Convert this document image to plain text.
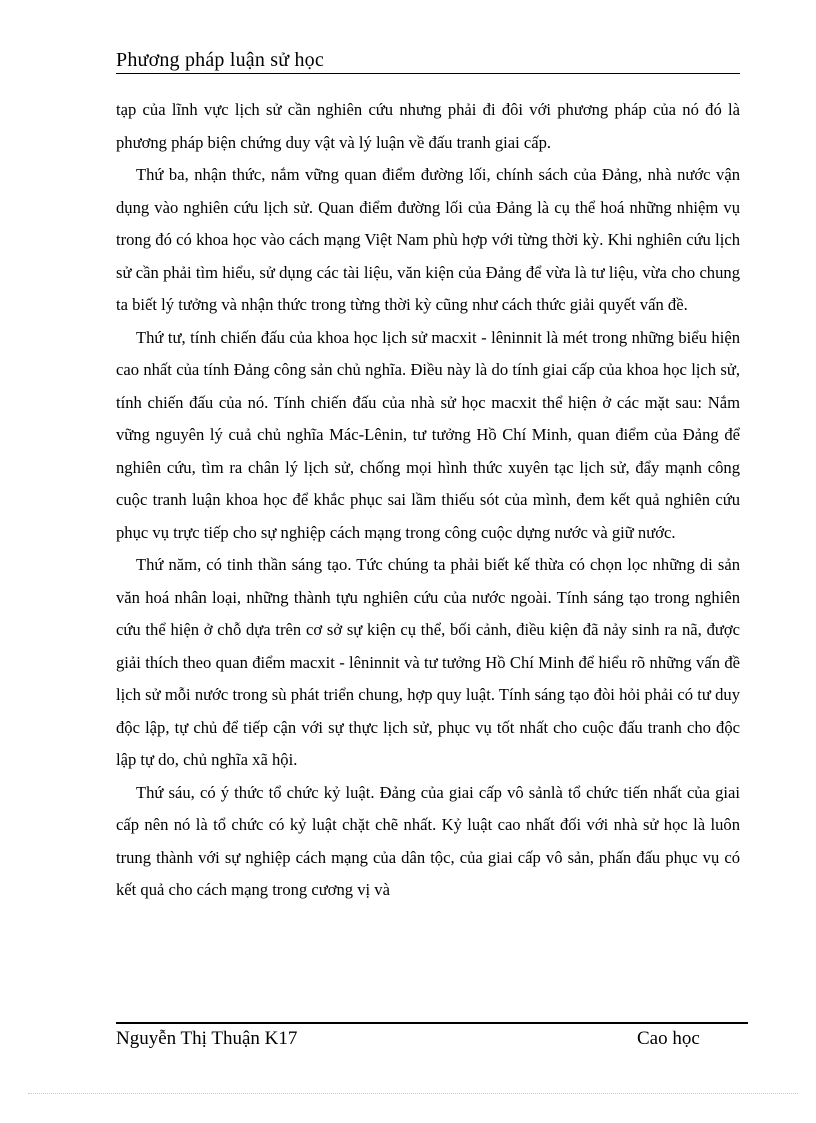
Phương pháp luận sử học

tạp của lĩnh vực lịch sử cần nghiên cứu nhưng phải đi đôi với phương pháp của nó đó là phương pháp biện chứng duy vật và lý luận về đấu tranh giai cấp.

Thứ ba, nhận thức, nắm vững quan điểm đường lối, chính sách của Đảng, nhà nước vận dụng vào nghiên cứu lịch sử. Quan điểm đường lối của Đảng là cụ thể hoá những nhiệm vụ trong đó có khoa học vào cách mạng Việt Nam phù hợp với từng thời kỳ. Khi nghiên cứu lịch sử cần phải tìm hiểu, sử dụng các tài liệu, văn kiện của Đảng để vừa là tư liệu, vừa cho chung ta biết lý tưởng và nhận thức trong từng thời kỳ cũng như cách thức giải quyết vấn đề.

Thứ tư, tính chiến đấu của khoa học lịch sử macxit - lêninnit là mét trong những biểu hiện cao nhất của tính Đảng công sản chủ nghĩa. Điều này là do tính giai cấp của khoa học lịch sử, tính chiến đấu của nó. Tính chiến đấu của nhà sử học macxit thể hiện ở các mặt sau: Nắm vững nguyên lý cuả chủ nghĩa Mác-Lênin, tư tưởng Hồ Chí Minh, quan điểm của Đảng để nghiên cứu, tìm ra chân lý lịch sử, chống mọi hình thức xuyên tạc lịch sử, đẩy mạnh công cuộc tranh luận khoa học để khắc phục sai lầm thiếu sót của mình, đem kết quả nghiên cứu phục vụ trực tiếp cho sự nghiệp cách mạng trong công cuộc dựng nước và giữ nước.

Thứ năm, có tinh thần sáng tạo. Tức chúng ta phải biết kế thừa có chọn lọc những di sản văn hoá nhân loại, những thành tựu nghiên cứu của nước ngoài. Tính sáng tạo trong nghiên cứu thể hiện ở chỗ dựa trên cơ sở sự kiện cụ thể, bối cảnh, điều kiện đã nảy sinh ra nã, được giải thích theo quan điểm macxit - lêninnit và tư tưởng Hồ Chí Minh để hiểu rõ những vấn đề lịch sử mỗi nước trong sù phát triển chung, hợp quy luật. Tính sáng tạo đòi hỏi phải có tư duy độc lập, tự chủ để tiếp cận với sự thực lịch sử, phục vụ tốt nhất cho cuộc đấu tranh cho độc lập tự do, chủ nghĩa xã hội.

Thứ sáu, có ý thức tổ chức kỷ luật. Đảng của giai cấp vô sảnlà tổ chức tiến nhất của giai cấp nên nó là tổ chức có kỷ luật chặt chẽ nhất. Kỷ luật cao nhất đối với nhà sử học là luôn trung thành với sự nghiệp cách mạng của dân tộc, của giai cấp vô sản, phấn đấu phục vụ có kết quả cho cách mạng trong cương vị và

Nguyễn Thị Thuận K17	Cao học
